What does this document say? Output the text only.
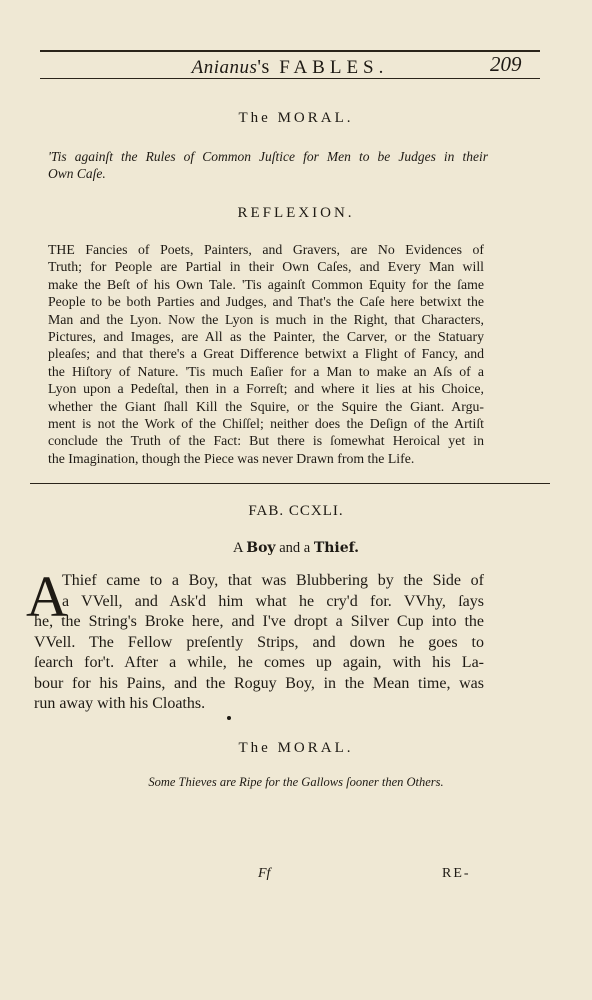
Anianus's FABLES.	209
The MORAL.
'Tis againſt the Rules of Common Juſtice for Men to be Judges in their
Own Caſe.
REFLEXION.
THE Fancies of Poets, Painters, and Gravers, are No Evidences of
Truth; for People are Partial in their Own Caſes, and Every Man will
make the Beſt of his Own Tale. 'Tis againſt Common Equity for the ſame
People to be both Parties and Judges, and That's the Caſe here betwixt the
Man and the Lyon. Now the Lyon is much in the Right, that Characters,
Pictures, and Images, are All as the Painter, the Carver, or the Statuary
pleaſes; and that there's a Great Difference betwixt a Flight of Fancy, and
the Hiſtory of Nature. 'Tis much Eaſier for a Man to make an Aſs of a
Lyon upon a Pedeſtal, then in a Forreſt; and where it lies at his Choice,
whether the Giant ſhall Kill the Squire, or the Squire the Giant. Argu-
ment is not the Work of the Chiſſel; neither does the Deſign of the Artiſt
conclude the Truth of the Fact: But there is ſomewhat Heroical yet in
the Imagination, though the Piece was never Drawn from the Life.
FAB. CCXLI.
A Boy and a Thief.
A
Thief came to a Boy, that was Blubbering by the Side of
a VVell, and Ask'd him what he cry'd for. VVhy, ſays
he, the String's Broke here, and I've dropt a Silver Cup into the
VVell. The Fellow preſently Strips, and down he goes to
ſearch for't. After a while, he comes up again, with his La-
bour for his Pains, and the Roguy Boy, in the Mean time, was
run away with his Cloaths.
The MORAL.
Some Thieves are Ripe for the Gallows ſooner then Others.
Ff	RE-
